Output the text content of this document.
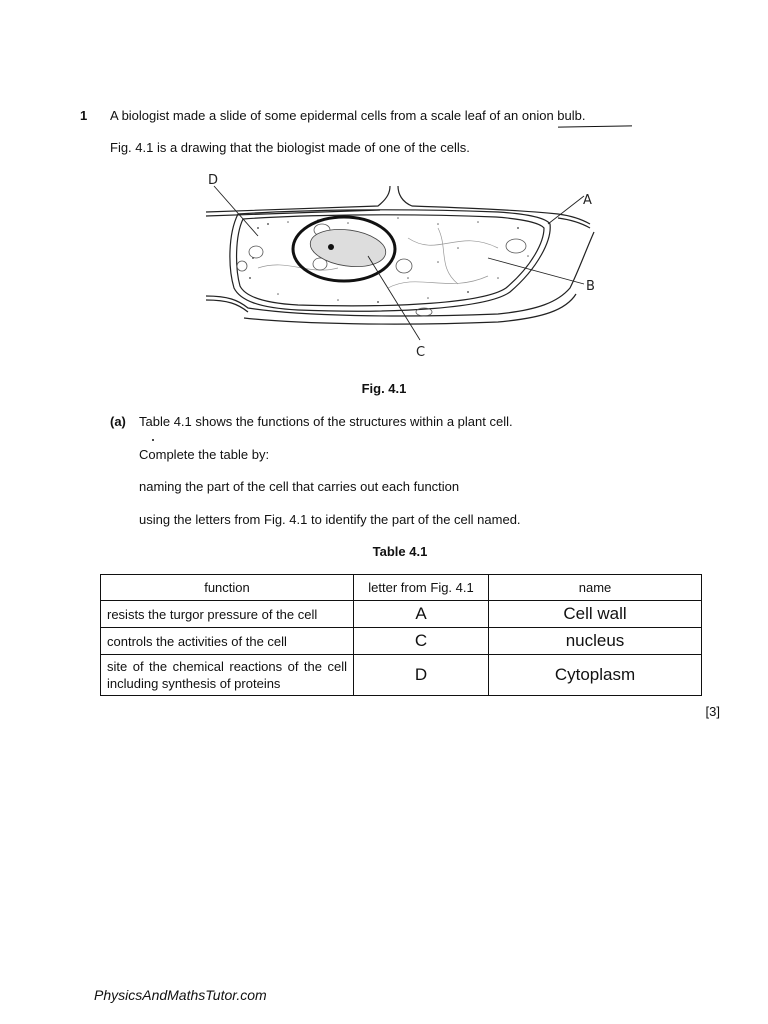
1 A biologist made a slide of some epidermal cells from a scale leaf of an onion bulb.
Fig. 4.1 is a drawing that the biologist made of one of the cells.
D
A
B
C
Fig. 4.1
(a) Table 4.1 shows the functions of the structures within a plant cell.
Complete the table by:
naming the part of the cell that carries out each function
using the letters from Fig. 4.1 to identify the part of the cell named.
Table 4.1
function	letter from Fig. 4.1	name
resists the turgor pressure of the cell	A	Cell wall
controls the activities of the cell	C	nucleus
site of the chemical reactions of the cell including synthesis of proteins	D	Cytoplasm
[3]
PhysicsAndMathsTutor.com
